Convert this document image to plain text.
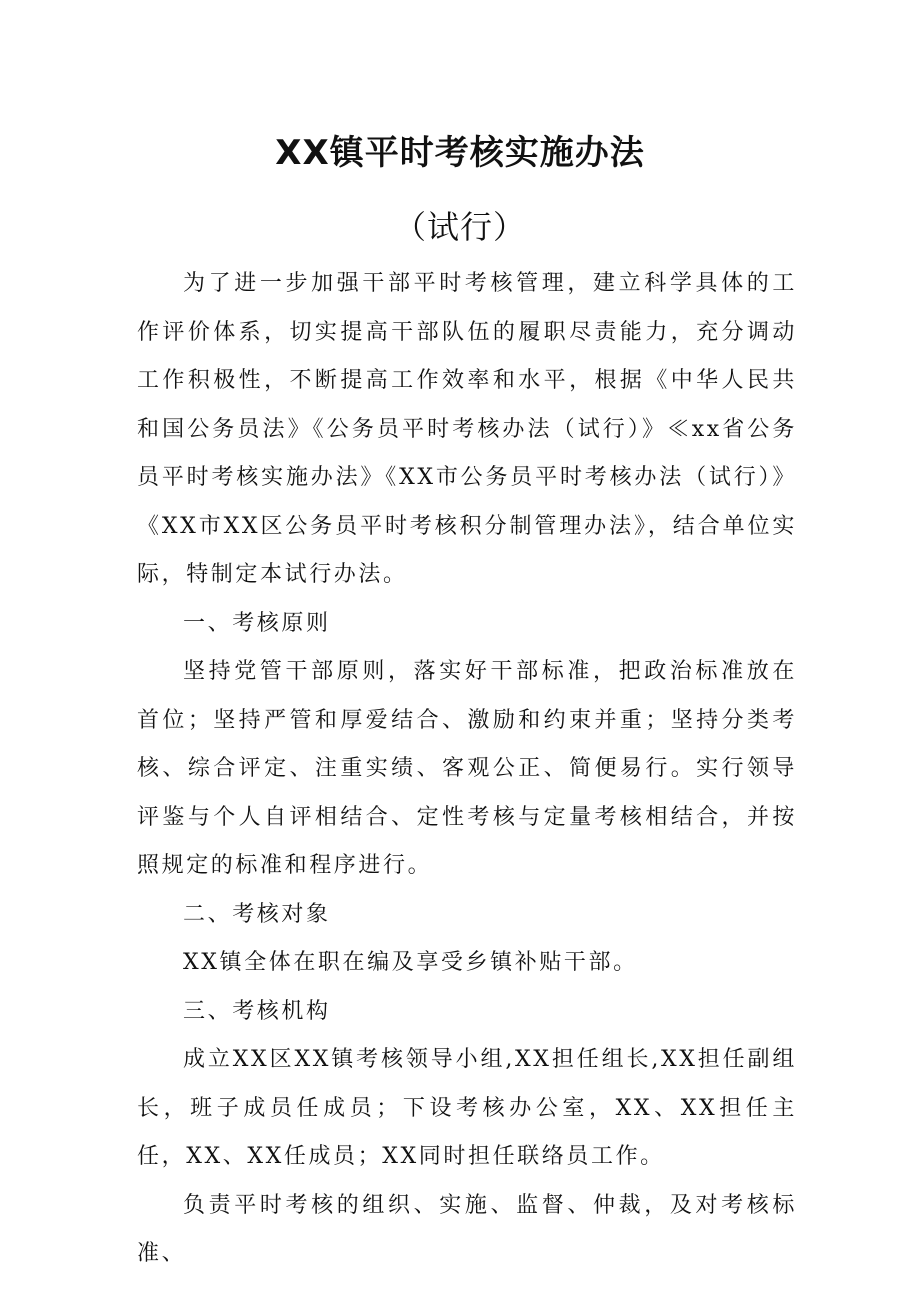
XX镇平时考核实施办法
（试行）

为了进一步加强干部平时考核管理，建立科学具体的工作评价体系，切实提高干部队伍的履职尽责能力，充分调动工作积极性，不断提高工作效率和水平，根据《中华人民共和国公务员法》《公务员平时考核办法（试行）》≪xx省公务员平时考核实施办法》《XX市公务员平时考核办法（试行）》《XX市XX区公务员平时考核积分制管理办法》，结合单位实际，特制定本试行办法。

一、考核原则

坚持党管干部原则，落实好干部标准，把政治标准放在首位；坚持严管和厚爱结合、激励和约束并重；坚持分类考核、综合评定、注重实绩、客观公正、简便易行。实行领导评鉴与个人自评相结合、定性考核与定量考核相结合，并按照规定的标准和程序进行。

二、考核对象

XX镇全体在职在编及享受乡镇补贴干部。

三、考核机构

成立XX区XX镇考核领导小组,XX担任组长,XX担任副组长，班子成员任成员；下设考核办公室，XX、XX担任主任，XX、XX任成员；XX同时担任联络员工作。

负责平时考核的组织、实施、监督、仲裁，及对考核标准、
